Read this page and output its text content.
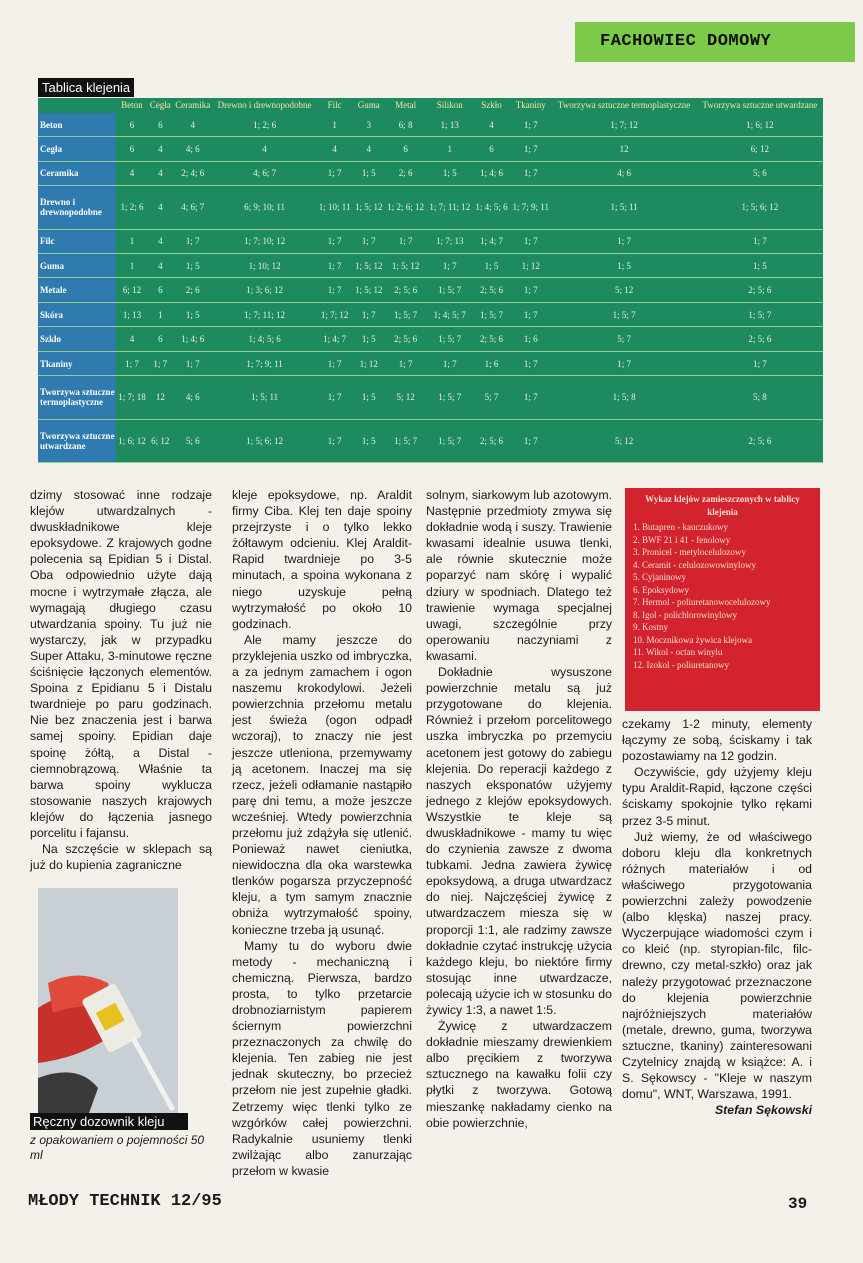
FACHOWIEC DOMOWY
Tablica klejenia
	Beton	Cegła	Ceramika	Drewno i drewnopodobne	Filc	Guma	Metal	Silikon	Szkło	Tkaniny	Tworzywa sztuczne termoplastyczne	Tworzywa sztuczne utwardzane
Beton	6	6	4	1; 2; 6	1	3	6; 8	1; 13	4	1; 7	1; 7; 12	1; 6; 12
Cegła	6	4	4; 6	4	4	4	6	1	6	1; 7	12	6; 12
Ceramika	4	4	2; 4; 6	4; 6; 7	1; 7	1; 5	2; 6	1; 5	1; 4; 6	1; 7	4; 6	5; 6
Drewno i drewnopodobne	1; 2; 6	4	4; 6; 7	6; 9; 10; 11	1; 10; 11	1; 5; 12	1; 2; 6; 12	1; 7; 11; 12	1; 4; 5; 6	1; 7; 9; 11	1; 5; 11	1; 5; 6; 12
Filc	1	4	1; 7	1; 7; 10; 12	1; 7	1; 7	1; 7	1; 7; 13	1; 4; 7	1; 7	1; 7	1; 7
Guma	1	4	1; 5	1; 10; 12	1; 7	1; 5; 12	1; 5; 12	1; 7	1; 5	1; 12	1; 5	1; 5
Metale	6; 12	6	2; 6	1; 3; 6; 12	1; 7	1; 5; 12	2; 5; 6	1; 5; 7	2; 5; 6	1; 7	5; 12	2; 5; 6
Skóra	1; 13	1	1; 5	1; 7; 11; 12	1; 7; 12	1; 7	1; 5; 7	1; 4; 5; 7	1; 5; 7	1; 7	1; 5; 7	1; 5; 7
Szkło	4	6	1; 4; 6	1; 4; 5; 6	1; 4; 7	1; 5	2; 5; 6	1; 5; 7	2; 5; 6	1; 6	5; 7	2; 5; 6
Tkaniny	1; 7	1; 7	1; 7	1; 7; 9; 11	1; 7	1; 12	1; 7	1; 7	1; 6	1; 7	1; 7	1; 7
Tworzywa sztuczne termoplastyczne	1; 7; 18	12	4; 6	1; 5; 11	1; 7	1; 5	5; 12	1; 5; 7	5; 7	1; 7	1; 5; 8	5; 8
Tworzywa sztuczne utwardzane	1; 6; 12	6; 12	5; 6	1; 5; 6; 12	1; 7	1; 5	1; 5; 7	1; 5; 7	2; 5; 6	1; 7	5; 12	2; 5; 6

dzimy stosować inne rodzaje klejów utwardzalnych - dwuskładnikowe kleje epoksydowe. Z krajowych godne polecenia są Epidian 5 i Distal. Oba odpowiednio użyte dają mocne i wytrzymałe złącza, ale wymagają długiego czasu utwardzania spoiny. Tu już nie wystarczy, jak w przypadku Super Attaku, 3-minutowe ręczne ściśnięcie łączonych elementów. Spoina z Epidianu 5 i Distalu twardnieje po paru godzinach. Nie bez znaczenia jest i barwa samej spoiny. Epidian daje spoinę żółtą, a Distal - ciemnobrązową. Właśnie ta barwa spoiny wyklucza stosowanie naszych krajowych klejów do łączenia jasnego porcelitu i fajansu.

Na szczęście w sklepach są już do kupienia zagraniczne

Ręczny dozownik kleju
z opakowaniem o pojemności 50 ml

kleje epoksydowe, np. Araldit firmy Ciba. Klej ten daje spoiny przejrzyste i o tylko lekko żółtawym odcieniu. Klej Araldit-Rapid twardnieje po 3-5 minutach, a spoina wykonana z niego uzyskuje pełną wytrzymałość po około 10 godzinach.

Ale mamy jeszcze do przyklejenia uszko od imbryczka, a za jednym zamachem i ogon naszemu krokodylowi. Jeżeli powierzchnia przełomu metalu jest świeża (ogon odpadł wczoraj), to znaczy nie jest jeszcze utleniona, przemywamy ją acetonem. Inaczej ma się rzecz, jeżeli odłamanie nastąpiło parę dni temu, a może jeszcze wcześniej. Wtedy powierzchnia przełomu już zdążyła się utlenić. Ponieważ nawet cieniutka, niewidoczna dla oka warstewka tlenków pogarsza przyczepność kleju, a tym samym znacznie obniża wytrzymałość spoiny, konieczne trzeba ją usunąć.

Mamy tu do wyboru dwie metody - mechaniczną i chemiczną. Pierwsza, bardzo prosta, to tylko przetarcie drobnoziarnistym papierem ściernym powierzchni przeznaczonych za chwilę do klejenia. Ten zabieg nie jest jednak skuteczny, bo przecież przełom nie jest zupełnie gładki. Zetrzemy więc tlenki tylko ze wzgórków całej powierzchni. Radykalnie usuniemy tlenki zwilżając albo zanurzając przełom w kwasie

solnym, siarkowym lub azotowym. Następnie przedmioty zmywa się dokładnie wodą i suszy. Trawienie kwasami idealnie usuwa tlenki, ale równie skutecznie może poparzyć nam skórę i wypalić dziury w spodniach. Dlatego też trawienie wymaga specjalnej uwagi, szczególnie przy operowaniu naczyniami z kwasami.

Dokładnie wysuszone powierzchnie metalu są już przygotowane do klejenia. Również i przełom porcelitowego uszka imbryczka po przemyciu acetonem jest gotowy do zabiegu klejenia. Do reperacji każdego z naszych eksponatów użyjemy jednego z klejów epoksydowych. Wszystkie te kleje są dwuskładnikowe - mamy tu więc do czynienia zawsze z dwoma tubkami. Jedna zawiera żywicę epoksydową, a druga utwardzacz do niej. Najczęściej żywicę z utwardzaczem miesza się w proporcji 1:1, ale radzimy zawsze dokładnie czytać instrukcję użycia każdego kleju, bo niektóre firmy stosując inne utwardzacze, polecają użycie ich w stosunku do żywicy 1:3, a nawet 1:5.

Żywicę z utwardzaczem dokładnie mieszamy drewienkiem albo pręcikiem z tworzywa sztucznego na kawałku folii czy płytki z tworzywa. Gotową mieszankę nakładamy cienko na obie powierzchnie,

Wykaz klejów zamieszczonych w tablicy klejenia
1. Butapren - kauczukowy
2. BWF 21 i 41 - fenolowy
3. Pronicel - metylocelulozowy
4. Ceramit - celulozowowinylowy
5. Cyjaninowy
6. Epoksydowy
7. Hermol - poliuretanowocelulozowy
8. Igol - polichlorowinylowy
9. Kostny
10. Mocznikowa żywica klejowa
11. Wikol - octan winylu
12. Izokol - poliuretanowy

czekamy 1-2 minuty, elementy łączymy ze sobą, ściskamy i tak pozostawiamy na 12 godzin.

Oczywiście, gdy użyjemy kleju typu Araldit-Rapid, łączone części ściskamy spokojnie tylko rękami przez 3-5 minut.

Już wiemy, że od właściwego doboru kleju dla konkretnych różnych materiałów i od właściwego przygotowania powierzchni zależy powodzenie (albo klęska) naszej pracy. Wyczerpujące wiadomości czym i co kleić (np. styropian-filc, filc-drewno, czy metal-szkło) oraz jak należy przygotować przeznaczone do klejenia powierzchnie najróżniejszych materiałów (metale, drewno, guma, tworzywa sztuczne, tkaniny) zainteresowani Czytelnicy znajdą w książce: A. i S. Sękowscy - "Kleje w naszym domu", WNT, Warszawa, 1991.

Stefan Sękowski
MŁODY TECHNIK 12/95	39
